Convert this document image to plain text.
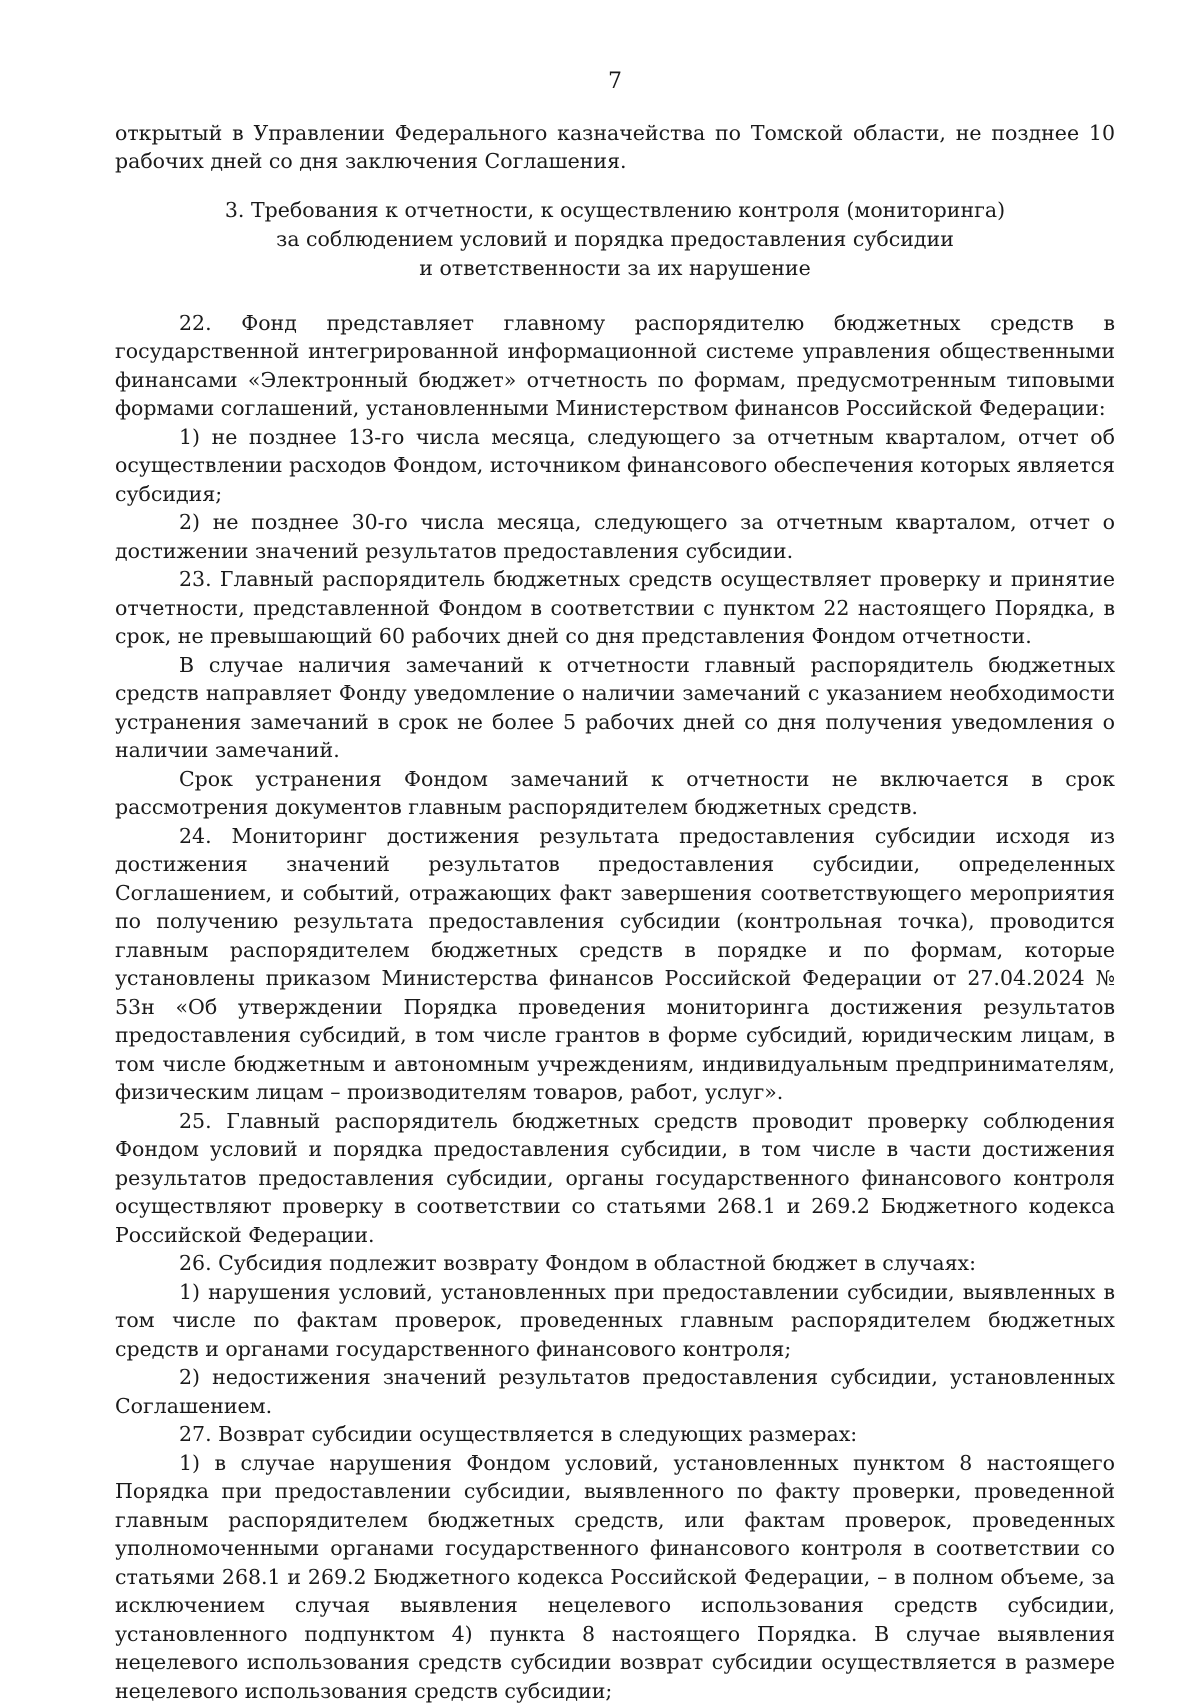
7

открытый в Управлении Федерального казначейства по Томской области, не позднее 10 рабочих дней со дня заключения Соглашения.

3. Требования к отчетности, к осуществлению контроля (мониторинга)
за соблюдением условий и порядка предоставления субсидии
и ответственности за их нарушение

22. Фонд представляет главному распорядителю бюджетных средств в государственной интегрированной информационной системе управления общественными финансами «Электронный бюджет» отчетность по формам, предусмотренным типовыми формами соглашений, установленными Министерством финансов Российской Федерации:

1) не позднее 13-го числа месяца, следующего за отчетным кварталом, отчет об осуществлении расходов Фондом, источником финансового обеспечения которых является субсидия;

2) не позднее 30-го числа месяца, следующего за отчетным кварталом, отчет о достижении значений результатов предоставления субсидии.

23. Главный распорядитель бюджетных средств осуществляет проверку и принятие отчетности, представленной Фондом в соответствии с пунктом 22 настоящего Порядка, в срок, не превышающий 60 рабочих дней со дня представления Фондом отчетности.

В случае наличия замечаний к отчетности главный распорядитель бюджетных средств направляет Фонду уведомление о наличии замечаний с указанием необходимости устранения замечаний в срок не более 5 рабочих дней со дня получения уведомления о наличии замечаний.

Срок устранения Фондом замечаний к отчетности не включается в срок рассмотрения документов главным распорядителем бюджетных средств.

24. Мониторинг достижения результата предоставления субсидии исходя из достижения значений результатов предоставления субсидии, определенных Соглашением, и событий, отражающих факт завершения соответствующего мероприятия по получению результата предоставления субсидии (контрольная точка), проводится главным распорядителем бюджетных средств в порядке и по формам, которые установлены приказом Министерства финансов Российской Федерации от 27.04.2024 № 53н «Об утверждении Порядка проведения мониторинга достижения результатов предоставления субсидий, в том числе грантов в форме субсидий, юридическим лицам, в том числе бюджетным и автономным учреждениям, индивидуальным предпринимателям, физическим лицам – производителям товаров, работ, услуг».

25. Главный распорядитель бюджетных средств проводит проверку соблюдения Фондом условий и порядка предоставления субсидии, в том числе в части достижения результатов предоставления субсидии, органы государственного финансового контроля осуществляют проверку в соответствии со статьями 268.1 и 269.2 Бюджетного кодекса Российской Федерации.

26. Субсидия подлежит возврату Фондом в областной бюджет в случаях:

1) нарушения условий, установленных при предоставлении субсидии, выявленных в том числе по фактам проверок, проведенных главным распорядителем бюджетных средств и органами государственного финансового контроля;

2) недостижения значений результатов предоставления субсидии, установленных Соглашением.

27. Возврат субсидии осуществляется в следующих размерах:

1) в случае нарушения Фондом условий, установленных пунктом 8 настоящего Порядка при предоставлении субсидии, выявленного по факту проверки, проведенной главным распорядителем бюджетных средств, или фактам проверок, проведенных уполномоченными органами государственного финансового контроля в соответствии со статьями 268.1 и 269.2 Бюджетного кодекса Российской Федерации, – в полном объеме, за исключением случая выявления нецелевого использования средств субсидии, установленного подпунктом 4) пункта 8 настоящего Порядка. В случае выявления нецелевого использования средств субсидии возврат субсидии осуществляется в размере нецелевого использования средств субсидии;
